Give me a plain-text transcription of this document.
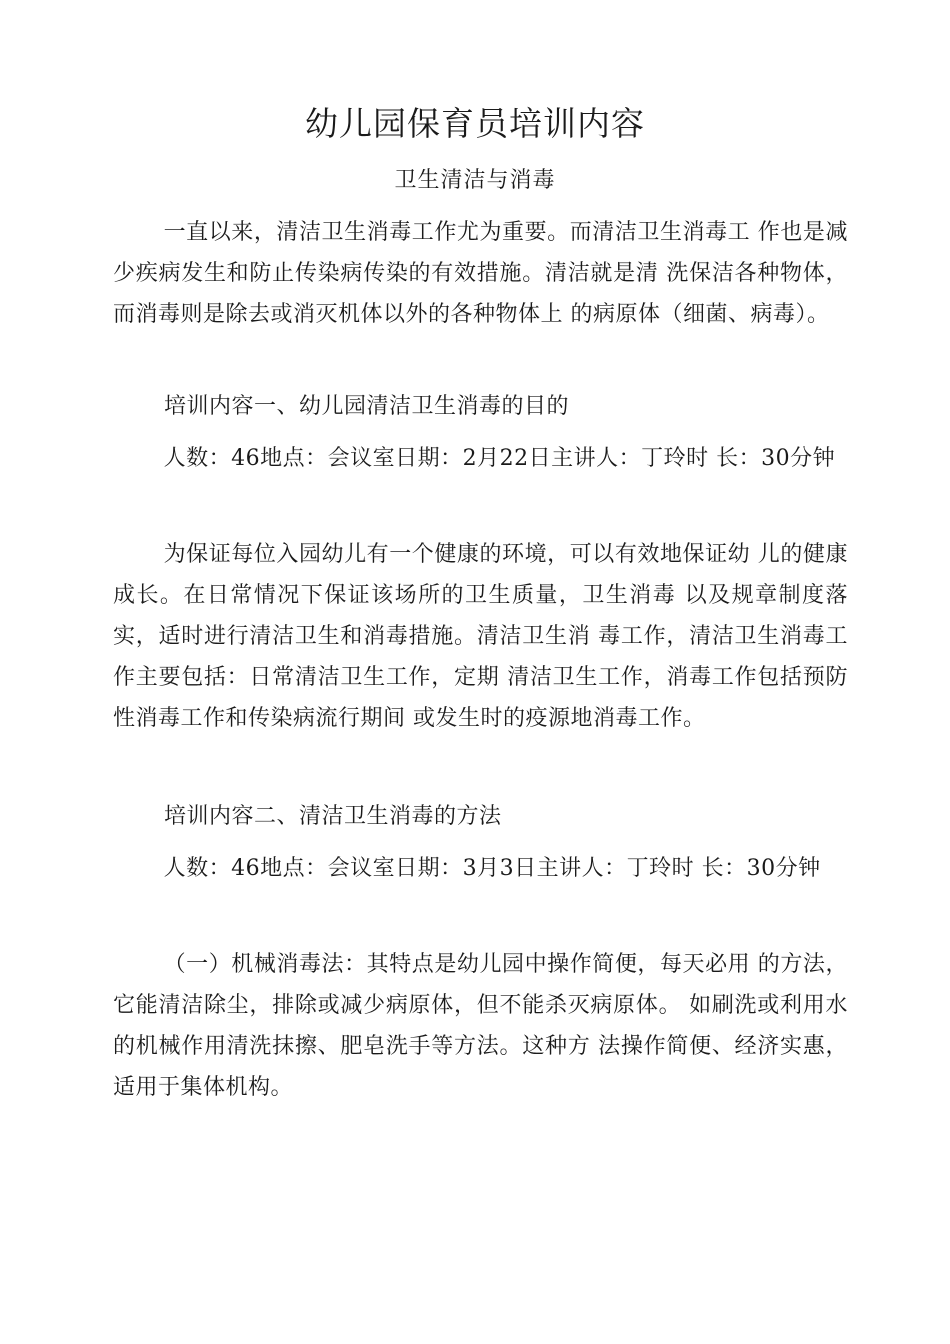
幼儿园保育员培训内容
卫生清洁与消毒

一直以来，清洁卫生消毒工作尤为重要。而清洁卫生消毒工 作也是减少疾病发生和防止传染病传染的有效措施。清洁就是清 洗保洁各种物体，而消毒则是除去或消灭机体以外的各种物体上 的病原体（细菌、病毒）。

培训内容一、幼儿园清洁卫生消毒的目的

人数：46地点：会议室日期：2月22日主讲人：丁玲时 长：30分钟

为保证每位入园幼儿有一个健康的环境，可以有效地保证幼 儿的健康成长。在日常情况下保证该场所的卫生质量，卫生消毒 以及规章制度落实，适时进行清洁卫生和消毒措施。清洁卫生消 毒工作，清洁卫生消毒工作主要包括：日常清洁卫生工作，定期 清洁卫生工作，消毒工作包括预防性消毒工作和传染病流行期间 或发生时的疫源地消毒工作。

培训内容二、清洁卫生消毒的方法

人数：46地点：会议室日期：3月3日主讲人：丁玲时 长：30分钟

（一）机械消毒法：其特点是幼儿园中操作简便，每天必用 的方法，它能清洁除尘，排除或减少病原体，但不能杀灭病原体。 如刷洗或利用水的机械作用清洗抹擦、肥皂洗手等方法。这种方 法操作简便、经济实惠，适用于集体机构。
